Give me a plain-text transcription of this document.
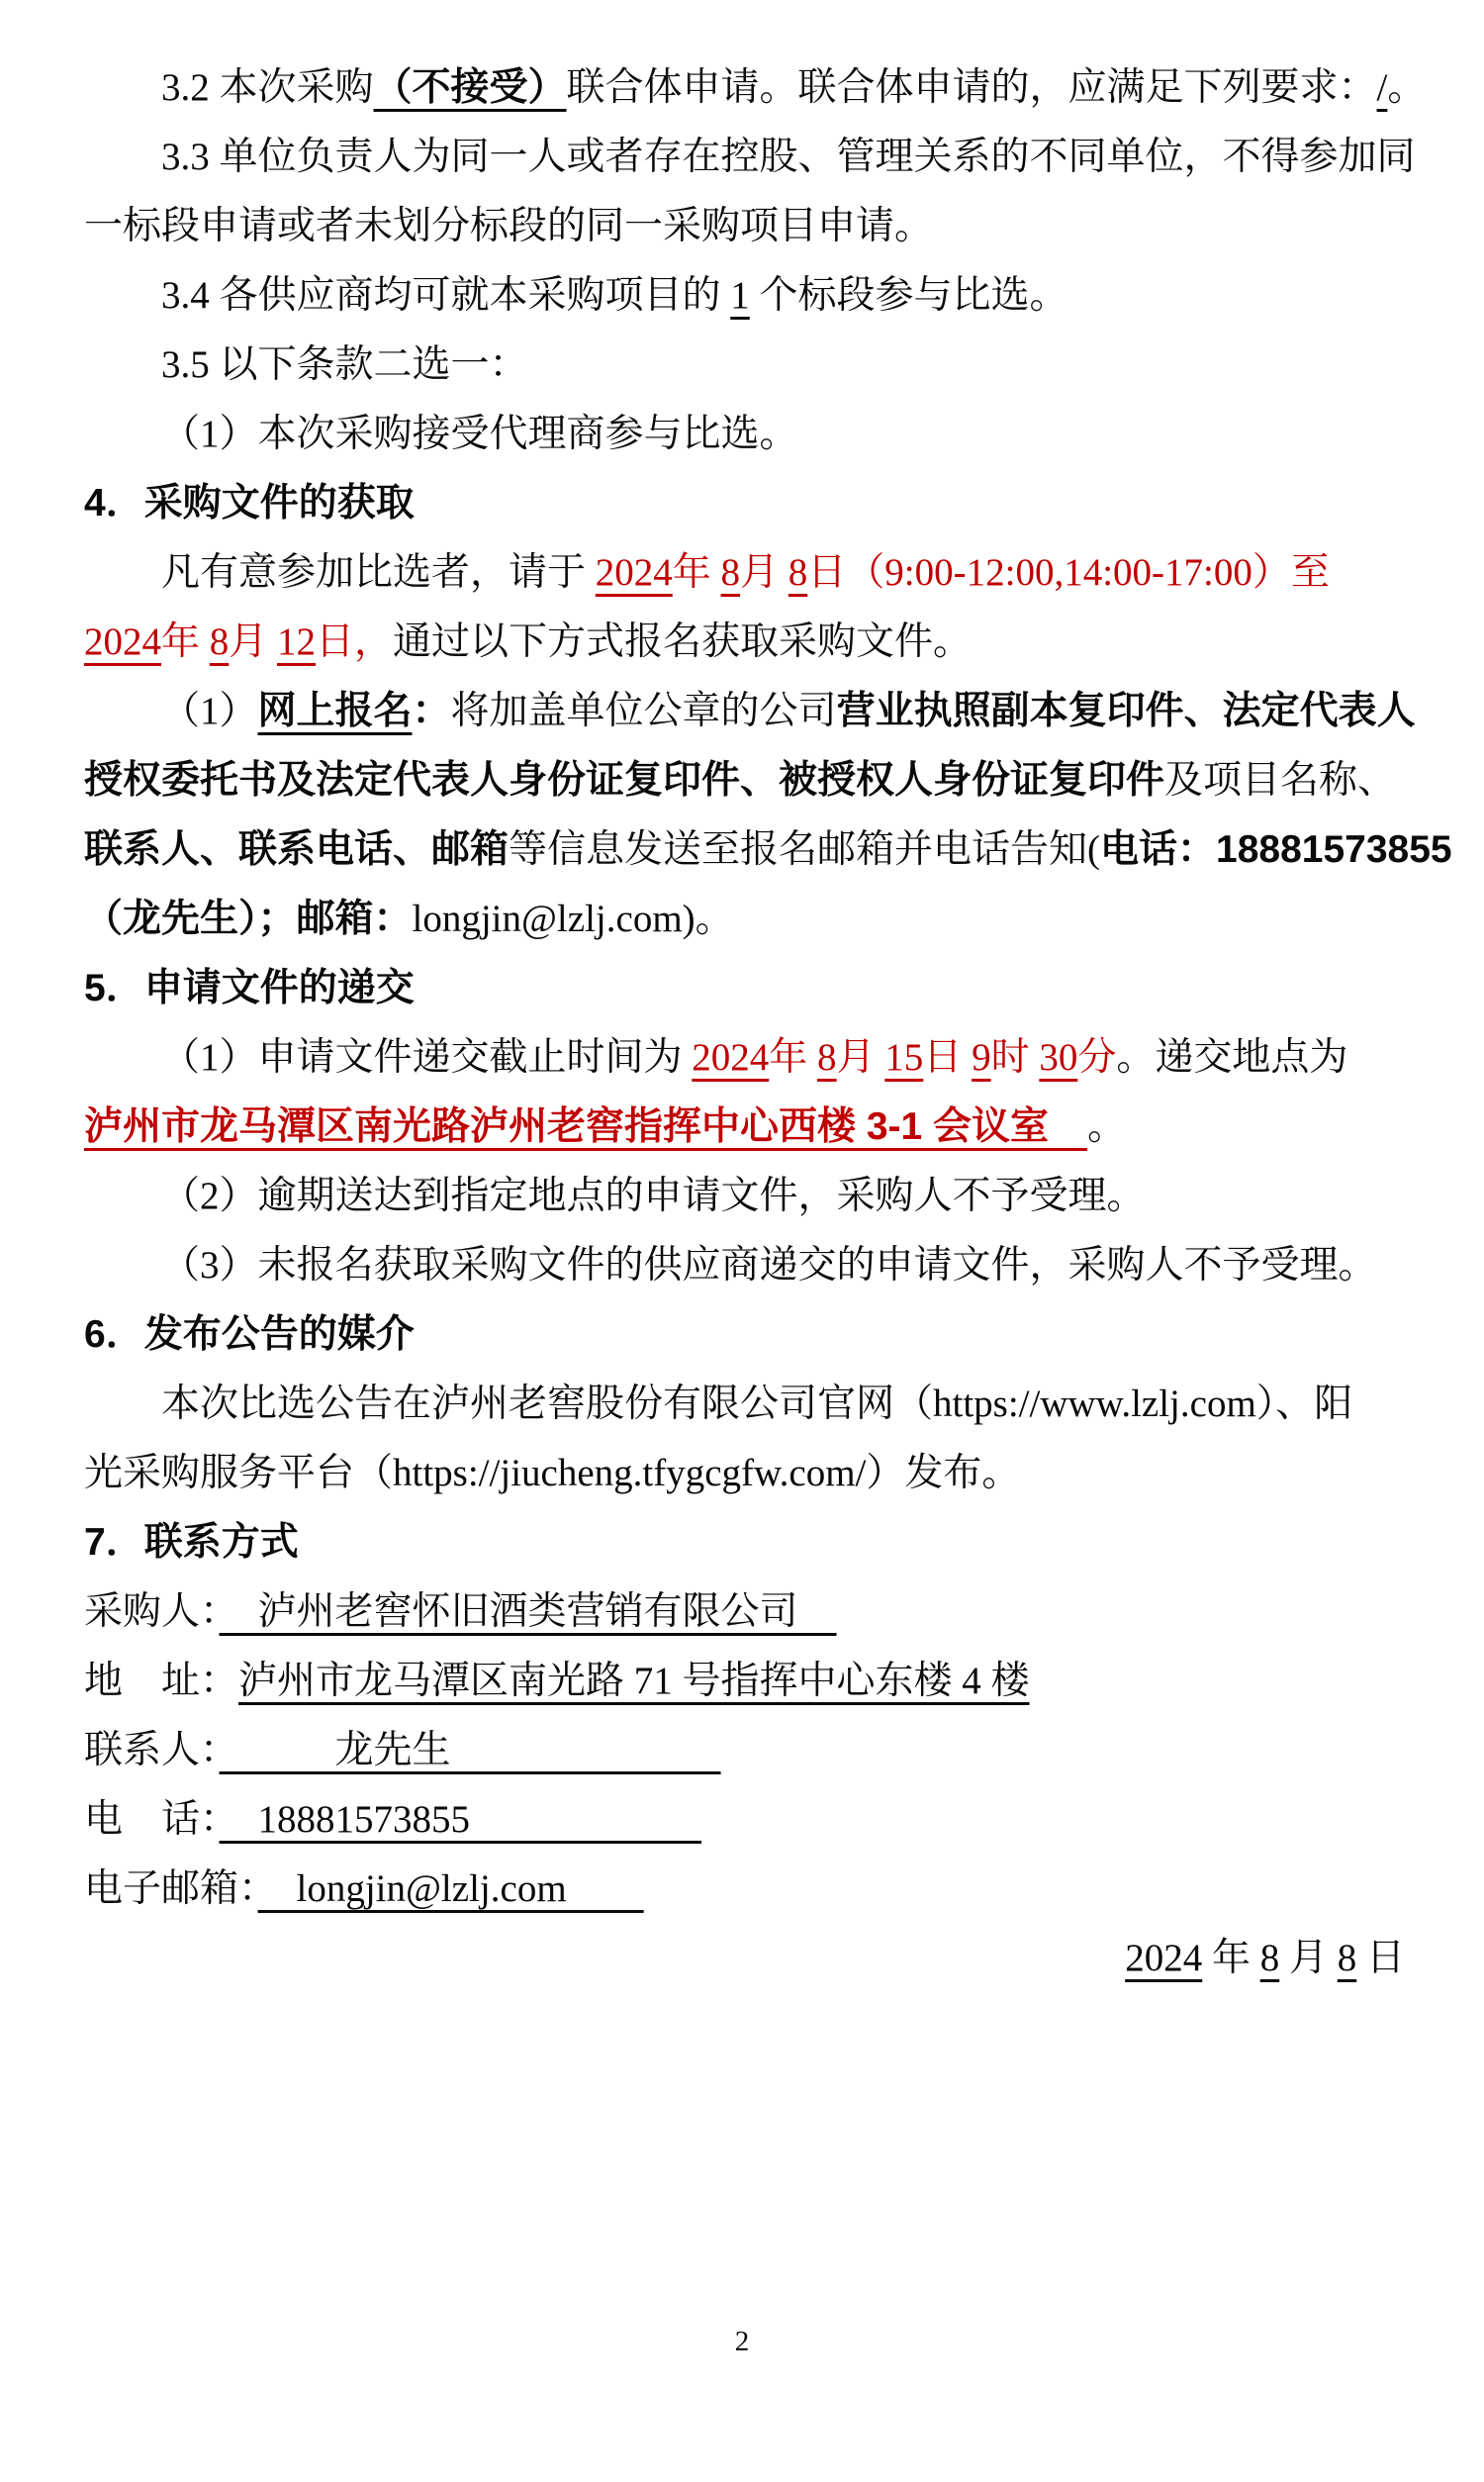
3.2 本次采购（不接受）联合体申请。联合体申请的，应满足下列要求：/。
3.3 单位负责人为同一人或者存在控股、管理关系的不同单位，不得参加同
一标段申请或者未划分标段的同一采购项目申请。
3.4 各供应商均可就本采购项目的 1 个标段参与比选。
3.5 以下条款二选一：
（1）本次采购接受代理商参与比选。
4．采购文件的获取
凡有意参加比选者，请于 2024年 8月 8日（9:00-12:00,14:00-17:00）至
2024年 8月 12日，通过以下方式报名获取采购文件。
（1）网上报名：将加盖单位公章的公司营业执照副本复印件、法定代表人
授权委托书及法定代表人身份证复印件、被授权人身份证复印件及项目名称、
联系人、联系电话、邮箱等信息发送至报名邮箱并电话告知(电话：18881573855
（龙先生）；邮箱：longjin@lzlj.com)。
5．申请文件的递交
（1）申请文件递交截止时间为 2024年 8月 15日 9时 30分。递交地点为
泸州市龙马潭区南光路泸州老窖指挥中心西楼 3-1 会议室　 。
（2）逾期送达到指定地点的申请文件，采购人不予受理。
（3）未报名获取采购文件的供应商递交的申请文件，采购人不予受理。
6．发布公告的媒介
本次比选公告在泸州老窖股份有限公司官网（https://www.lzlj.com）、阳
光采购服务平台（https://jiucheng.tfygcgfw.com/）发布。
7．联系方式
采购人：　泸州老窖怀旧酒类营销有限公司　
地　址：泸州市龙马潭区南光路 71 号指挥中心东楼 4 楼
联系人：　　　龙先生　　　　　　　
电　话：　18881573855　　　　　　
电子邮箱：　longjin@lzlj.com　　
2024 年 8 月 8 日
2
